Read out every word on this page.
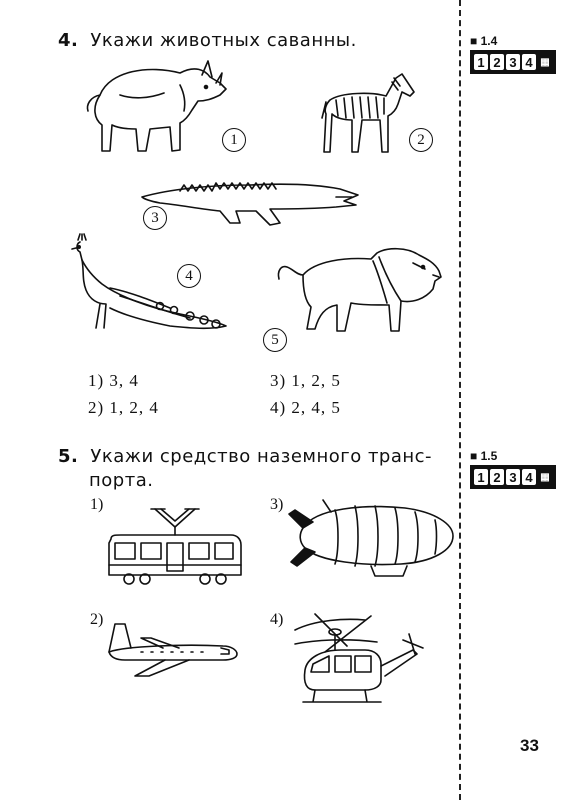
4. Укажи животных саванны.	■ 1.4
1 2 3 4 ▦
1	2
3
4
5
1) 3, 4
2) 1, 2, 4
3) 1, 2, 5
4) 2, 4, 5
5. Укажи средство наземного транс-
порта.
■ 1.5
1 2 3 4 ▦
1)	3)
2)	4)
33
